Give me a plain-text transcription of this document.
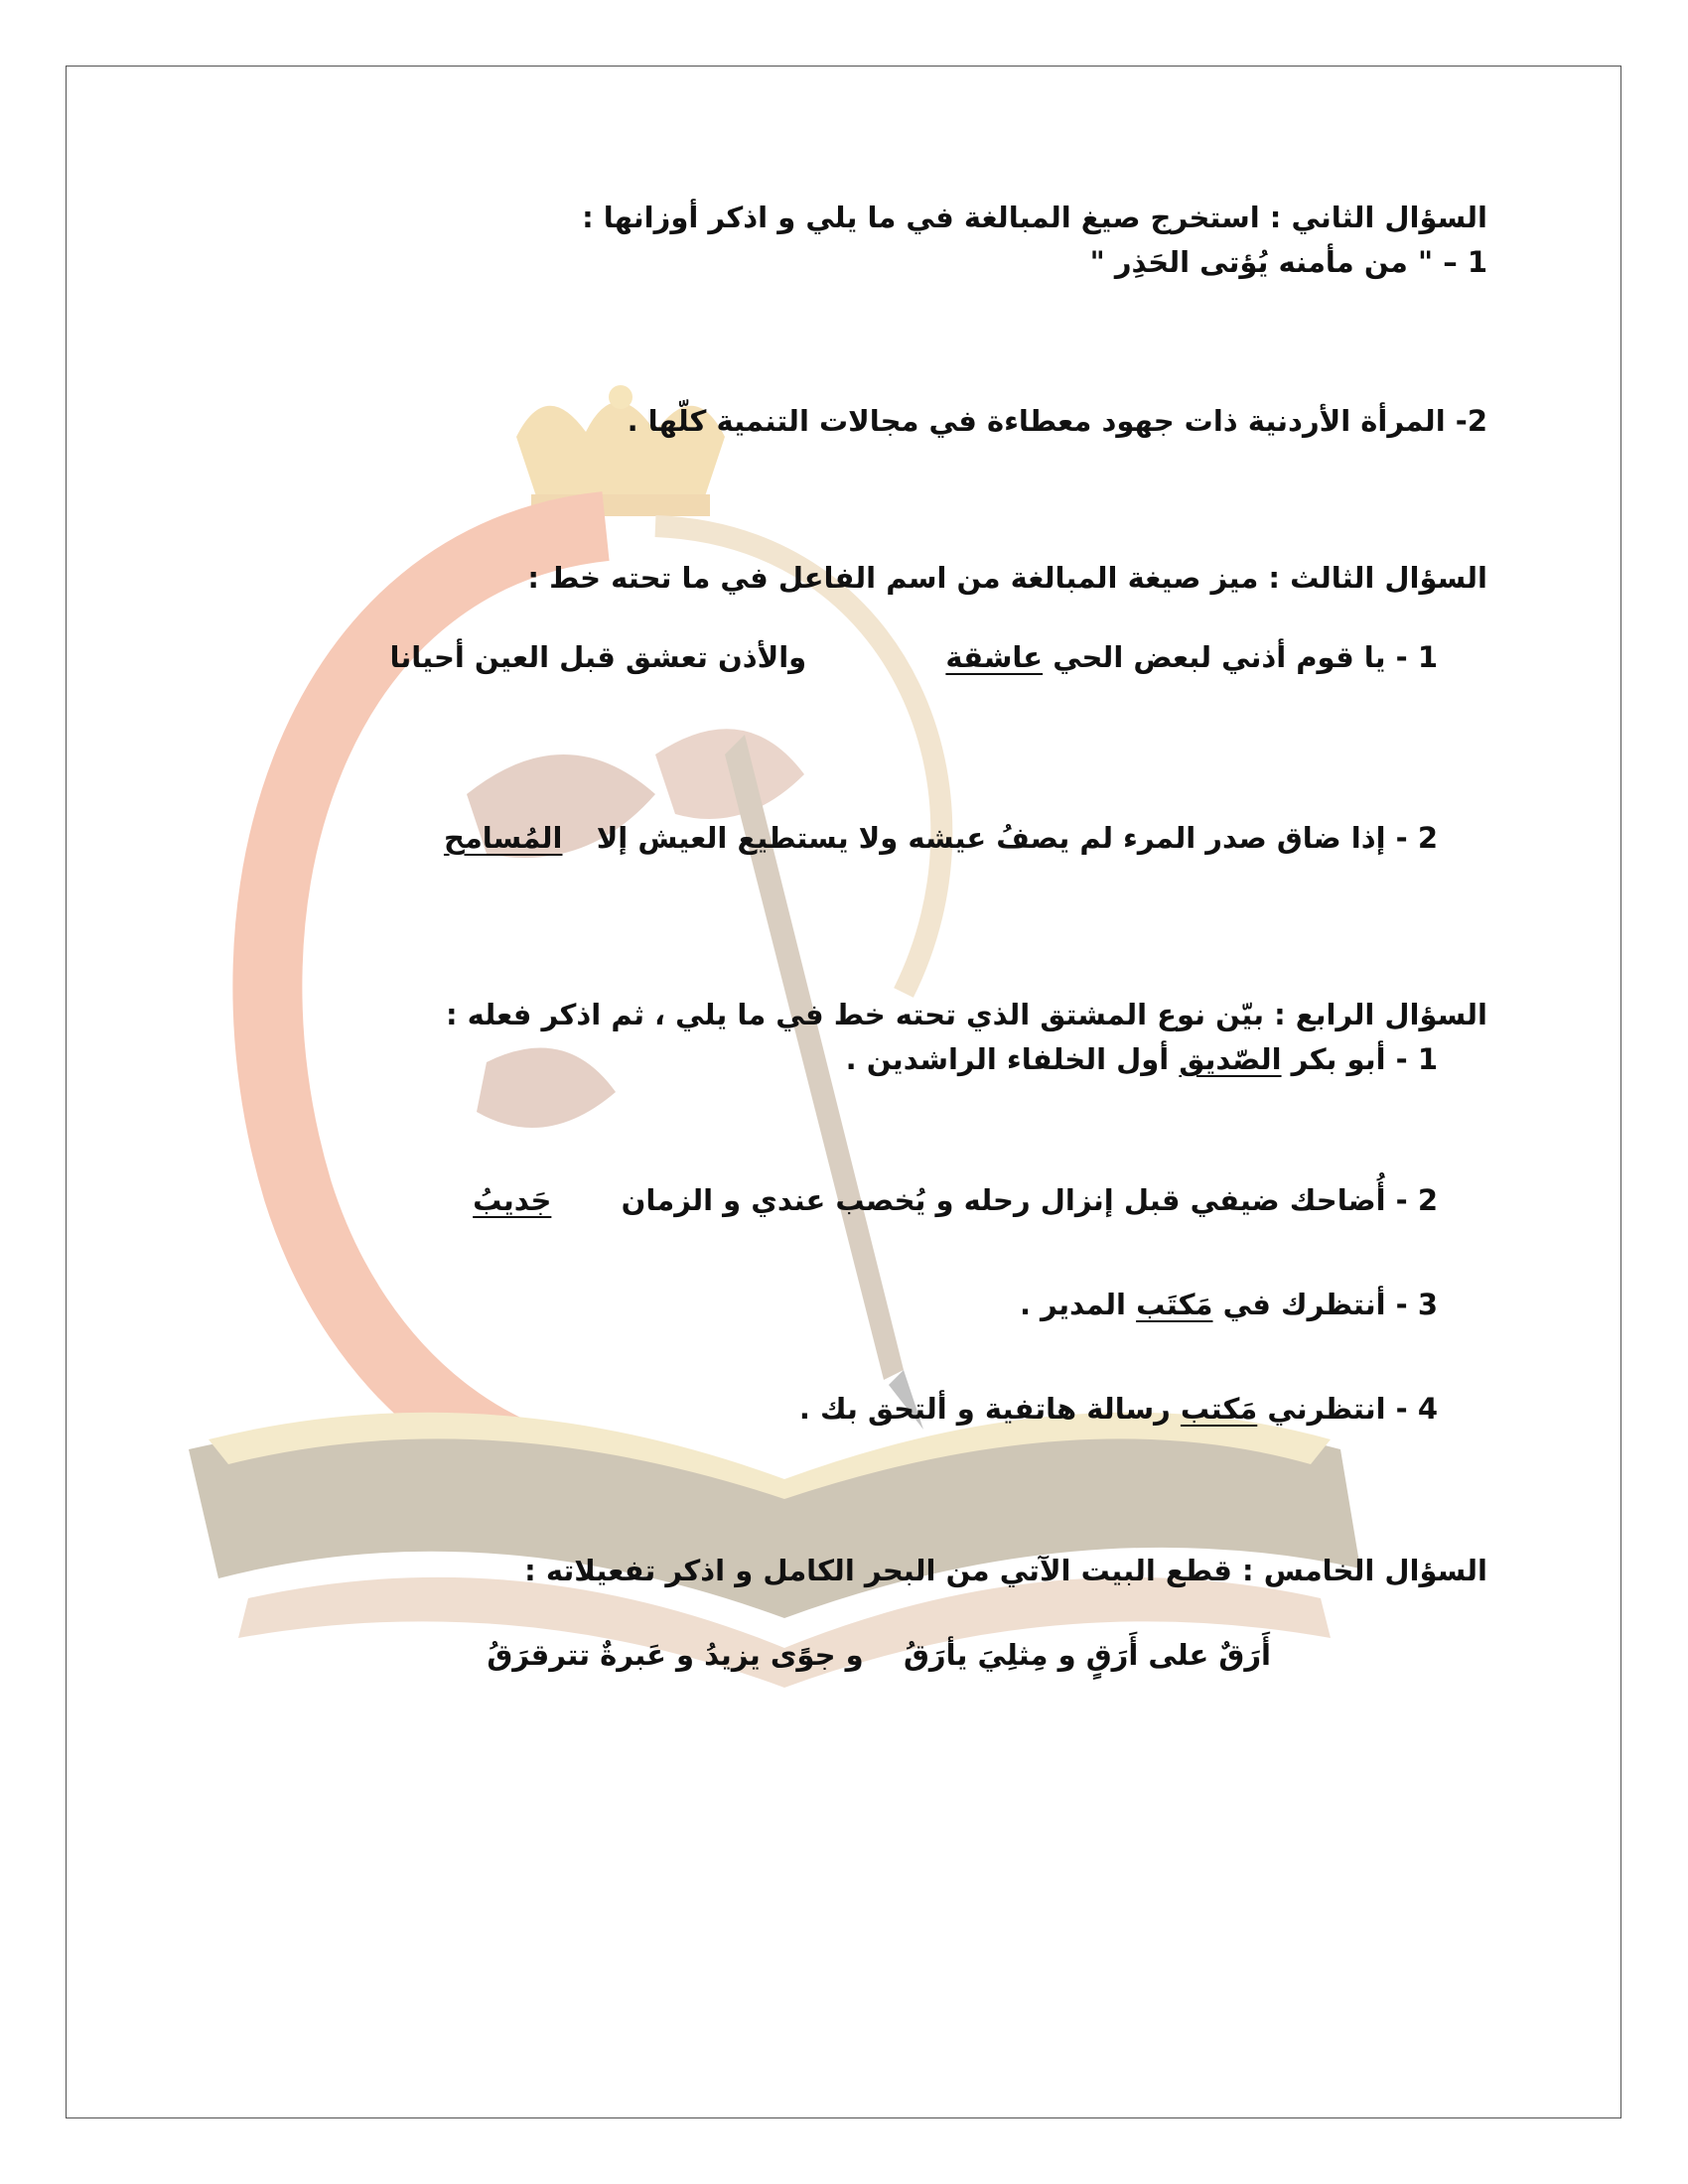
السؤال الثاني : استخرج صيغ المبالغة في ما يلي و اذكر أوزانها :
1 – " من مأمنه يُؤتى الحَذِر "
2- المرأة الأردنية ذات جهود معطاءة في مجالات التنمية كلّها .
السؤال الثالث : ميز صيغة المبالغة من اسم الفاعل في ما تحته خط :
1 - يا قوم أذني لبعض الحي عاشقة  والأذن تعشق قبل العين أحيانا
2 - إذا ضاق صدر المرء لم يصفُ عيشه ولا يستطيع العيش إلا  المُسامح
السؤال الرابع : بيّن نوع المشتق الذي تحته خط في ما يلي ، ثم اذكر فعله :
1 - أبو بكر الصّديق أول الخلفاء الراشدين .
2 - أُضاحك ضيفي قبل إنزال رحله و يُخصب عندي و الزمان  جَديبُ
3 - أنتظرك في مَكتَب المدير .
4 - انتظرني مَكتب رسالة هاتفية و ألتحق بك .
السؤال الخامس : قطع البيت الآتي من البحر الكامل و اذكر تفعيلاته :
أَرَقٌ على أَرَقٍ و مِثلِيَ يأرَقُ    و جوًى يزيدُ و عَبرةٌ تترقرَقُ
